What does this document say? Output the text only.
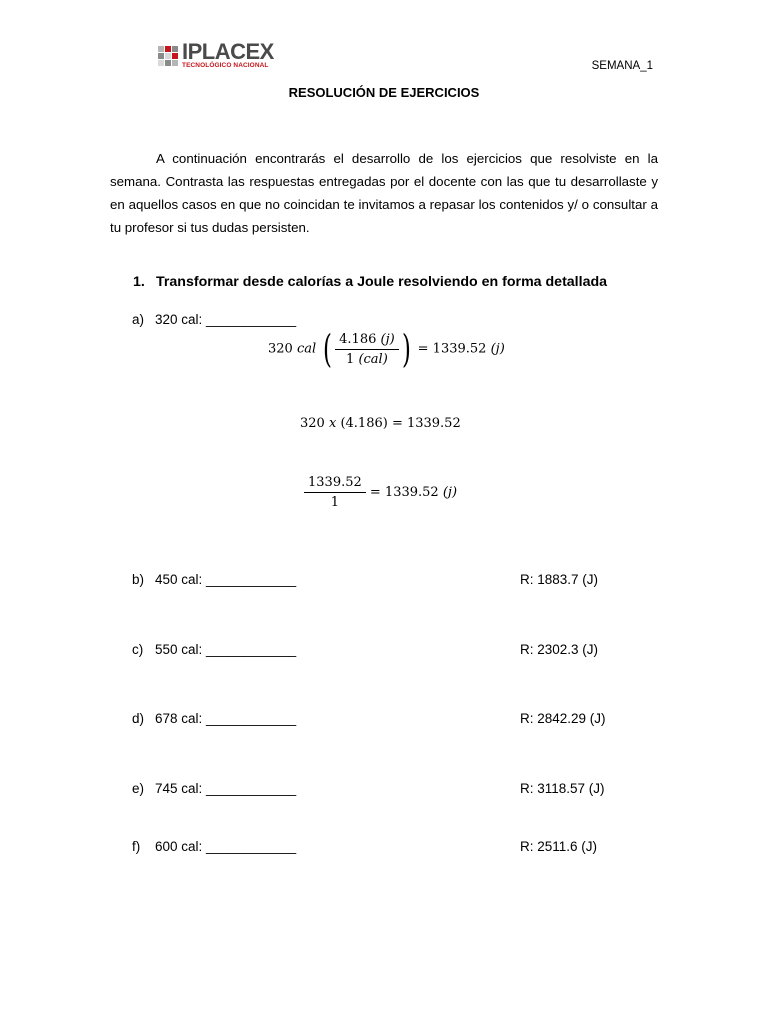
IPLACEX
TECNOLÓGICO NACIONAL	SEMANA_1
RESOLUCIÓN DE EJERCICIOS

A continuación encontrarás el desarrollo de los ejercicios que resolviste en la semana. Contrasta las respuestas entregadas por el docente con las que tu desarrollaste y en aquellos casos en que no coincidan te invitamos a repasar los contenidos y/ o consultar a tu profesor si tus dudas persisten.

1. Transformar desde calorías a Joule resolviendo en forma detallada
a) 320 cal: ____________
320 cal ( $\frac{4.186 (j)}{\text{1 (cal)}}$ ) = 1339.52 (j)
320 x (4.186) = 1339.52
$\frac{1339.52}{1} = 1339.52$ (j)
b) 450 cal: ____________	R: 1883.7 (J)
c) 550 cal: ____________	R: 2302.3 (J)
d) 678 cal: ____________	R: 2842.29 (J)
e) 745 cal: ____________	R: 3118.57 (J)
f) 600 cal: ____________	R: 2511.6 (J)
